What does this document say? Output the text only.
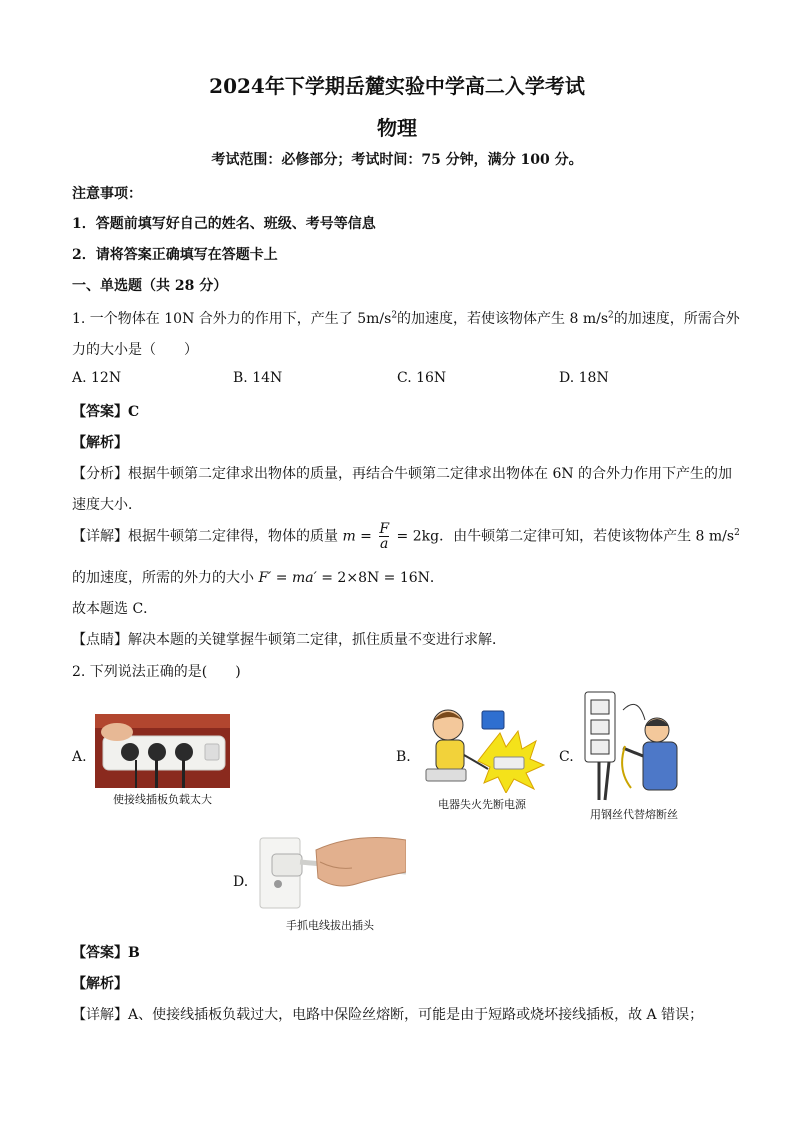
2024年下学期岳麓实验中学高二入学考试
物理
考试范围：必修部分；考试时间：75 分钟，满分 100 分。
注意事项：
1．答题前填写好自己的姓名、班级、考号等信息
2．请将答案正确填写在答题卡上
一、单选题（共 28 分）
1. 一个物体在 10N 合外力的作用下，产生了 $5m/s^2$的加速度，若使该物体产生 8 $m/s^2$的加速度，所需合外
力的大小是（　　）
A. 12N	B. 14N	C. 16N	D. 18N
【答案】C
【解析】
【分析】根据牛顿第二定律求出物体的质量，再结合牛顿第二定律求出物体在 6N 的合外力作用下产生的加
速度大小．
【详解】根据牛顿第二定律得，物体的质量 $m = \frac{F}{a} = 2kg$．由牛顿第二定律可知，若使该物体产生 8 $m/s^2$
的加速度，所需的外力的大小 F′ = ma′ = 2×8N = 16N．
故本题选 C．
【点睛】解决本题的关键掌握牛顿第二定律，抓住质量不变进行求解．
2. 下列说法正确的是(　　)
A.
使接线插板负载太大
B.
电器失火先断电源
C.
用钢丝代替熔断丝
D.
手抓电线拔出插头
【答案】B
【解析】
【详解】A、使接线插板负载过大，电路中保险丝熔断，可能是由于短路或烧坏接线插板，故 A 错误；
